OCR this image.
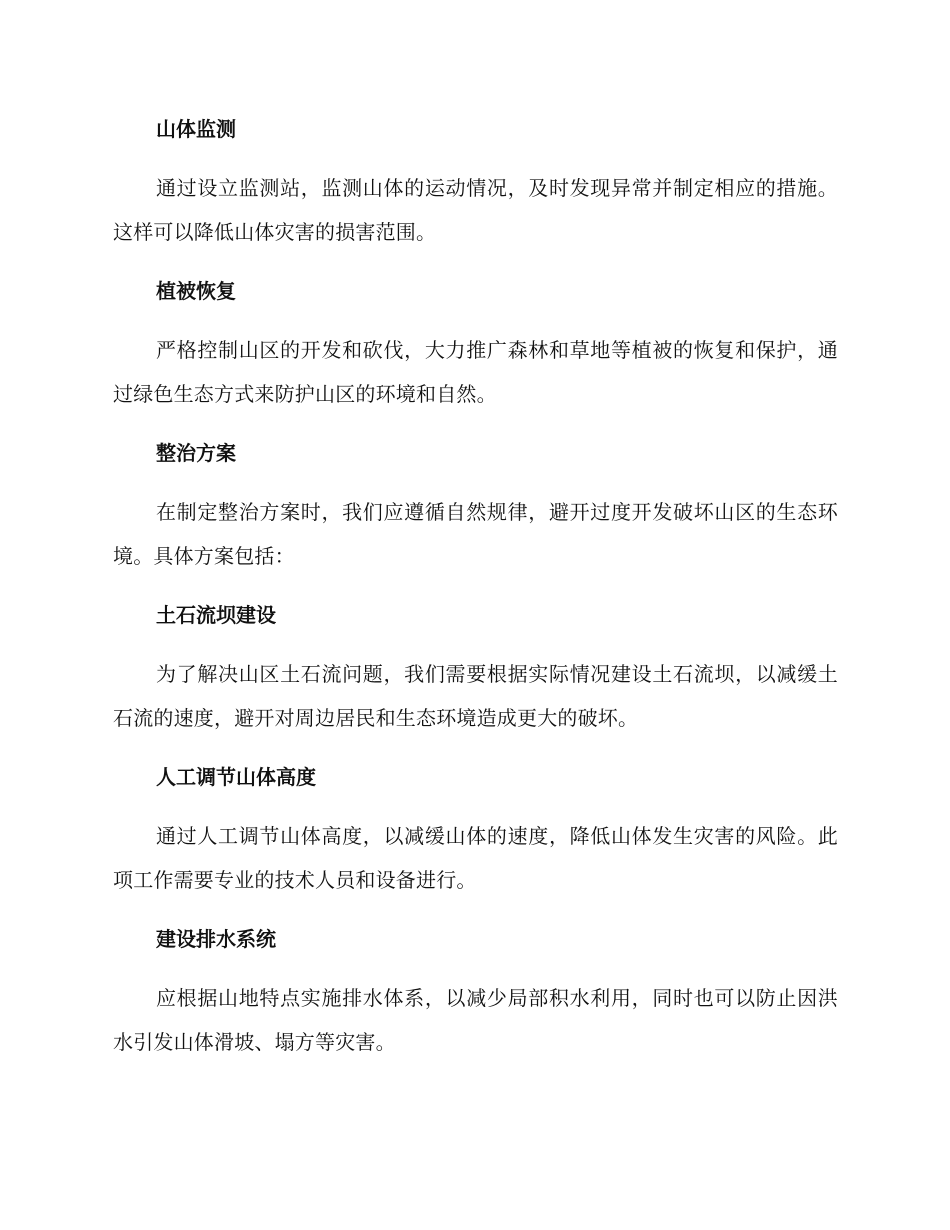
山体监测

通过设立监测站，监测山体的运动情况，及时发现异常并制定相应的措施。这样可以降低山体灾害的损害范围。

植被恢复

严格控制山区的开发和砍伐，大力推广森林和草地等植被的恢复和保护，通过绿色生态方式来防护山区的环境和自然。

整治方案

在制定整治方案时，我们应遵循自然规律，避开过度开发破坏山区的生态环境。具体方案包括：

土石流坝建设

为了解决山区土石流问题，我们需要根据实际情况建设土石流坝，以减缓土石流的速度，避开对周边居民和生态环境造成更大的破坏。

人工调节山体高度

通过人工调节山体高度，以减缓山体的速度，降低山体发生灾害的风险。此项工作需要专业的技术人员和设备进行。

建设排水系统

应根据山地特点实施排水体系，以减少局部积水利用，同时也可以防止因洪水引发山体滑坡、塌方等灾害。
